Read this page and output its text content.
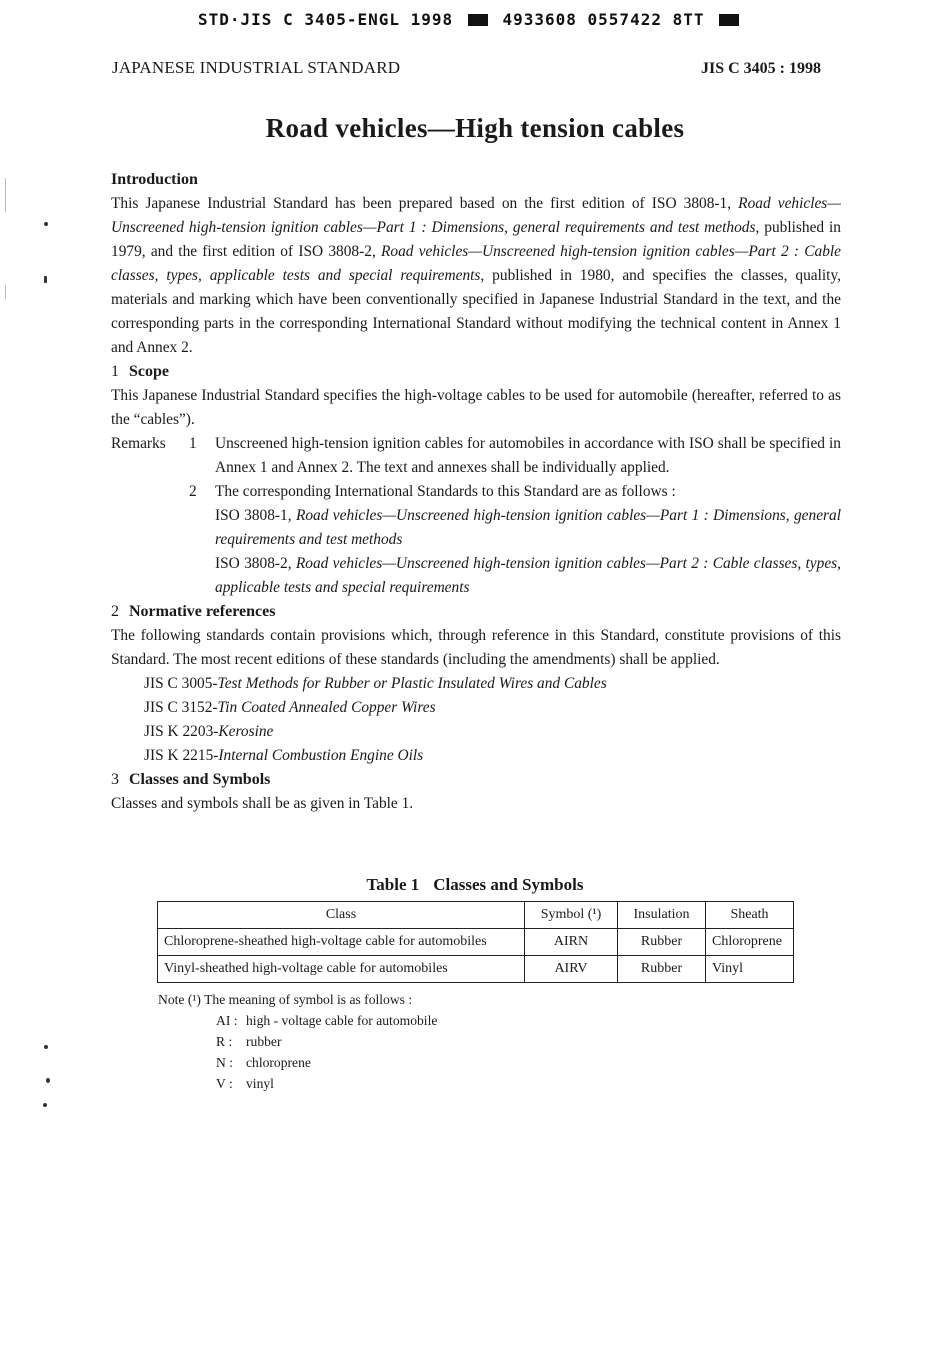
STD·JIS C 3405-ENGL 1998	4933608 0557422 8TT
JAPANESE INDUSTRIAL STANDARD	JIS C 3405 : 1998
Road vehicles—High tension cables
Introduction

This Japanese Industrial Standard has been prepared based on the first edition of ISO 3808-1, Road vehicles—Unscreened high-tension ignition cables—Part 1 : Dimensions, general requirements and test methods, published in 1979, and the first edition of ISO 3808-2, Road vehicles—Unscreened high-tension ignition cables—Part 2 : Cable classes, types, applicable tests and special requirements, published in 1980, and specifies the classes, quality, materials and marking which have been conventionally specified in Japanese Industrial Standard in the text, and the corresponding parts in the corresponding International Standard without modifying the technical content in Annex 1 and Annex 2.

1 Scope

This Japanese Industrial Standard specifies the high-voltage cables to be used for automobile (hereafter, referred to as the “cables”).

Remarks	1	Unscreened high-tension ignition cables for automobiles in accordance with ISO shall be specified in Annex 1 and Annex 2. The text and annexes shall be individually applied.
2	The corresponding International Standards to this Standard are as follows :
ISO 3808-1, Road vehicles—Unscreened high-tension ignition cables—Part 1 : Dimensions, general requirements and test methods
ISO 3808-2, Road vehicles—Unscreened high-tension ignition cables—Part 2 : Cable classes, types, applicable tests and special requirements
2 Normative references

The following standards contain provisions which, through reference in this Standard, constitute provisions of this Standard. The most recent editions of these standards (including the amendments) shall be applied.

JIS C 3005-Test Methods for Rubber or Plastic Insulated Wires and Cables
JIS C 3152-Tin Coated Annealed Copper Wires
JIS K 2203-Kerosine
JIS K 2215-Internal Combustion Engine Oils
3 Classes and Symbols

Classes and symbols shall be as given in Table 1.

Table 1 Classes and Symbols
Class	Symbol (¹)	Insulation	Sheath
Chloroprene-sheathed high-voltage cable for automobiles	AIRN	Rubber	Chloroprene
Vinyl-sheathed high-voltage cable for automobiles	AIRV	Rubber	Vinyl
Note (¹) The meaning of symbol is as follows :
AI : high - voltage cable for automobile
R :	rubber
N : chloroprene
V : vinyl
